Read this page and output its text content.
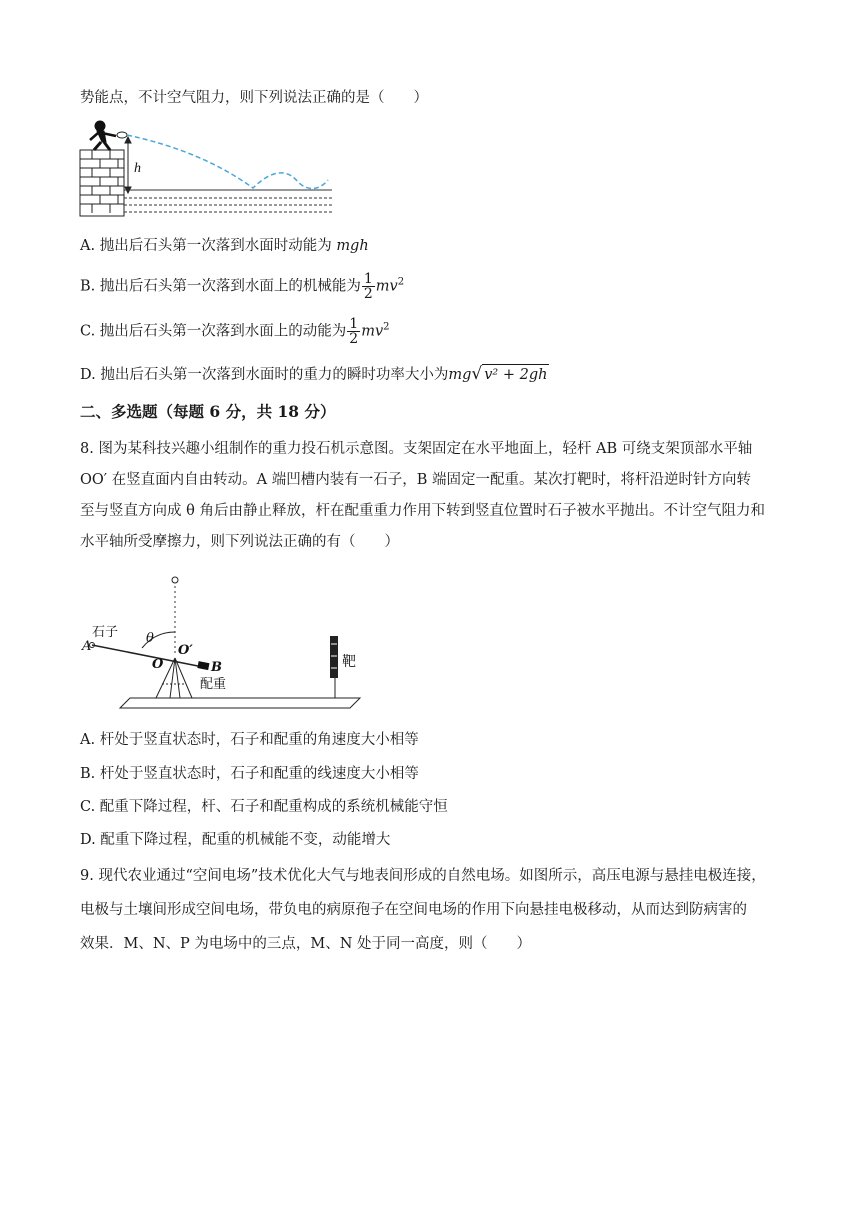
势能点，不计空气阻力，则下列说法正确的是（　　）
h
A. 抛出后石头第一次落到水面时动能为 mgh
B. 抛出后石头第一次落到水面上的机械能为 $\frac{1}{2} mv^2$
C. 抛出后石头第一次落到水面上的动能为 $\frac{1}{2} mv^2$
D. 抛出后石头第一次落到水面时的重力的瞬时功率大小为mg√ v² + 2gh
二、多选题（每题 6 分，共 18 分）
8. 图为某科技兴趣小组制作的重力投石机示意图。支架固定在水平地面上，轻杆 AB 可绕支架顶部水平轴
OO′ 在竖直面内自由转动。A 端凹槽内装有一石子，B 端固定一配重。某次打靶时，将杆沿逆时针方向转
至与竖直方向成 θ 角后由静止释放，杆在配重重力作用下转到竖直位置时石子被水平抛出。不计空气阻力和
水平轴所受摩擦力，则下列说法正确的有（　　）
石子
A
θ
O
O′
B
配重
靶
A. 杆处于竖直状态时，石子和配重的角速度大小相等
B. 杆处于竖直状态时，石子和配重的线速度大小相等
C. 配重下降过程，杆、石子和配重构成的系统机械能守恒
D. 配重下降过程，配重的机械能不变，动能增大
9. 现代农业通过“空间电场”技术优化大气与地表间形成的自然电场。如图所示，高压电源与悬挂电极连接，
电极与土壤间形成空间电场，带负电的病原孢子在空间电场的作用下向悬挂电极移动，从而达到防病害的
效果．M、N、P 为电场中的三点，M、N 处于同一高度，则（　　）
